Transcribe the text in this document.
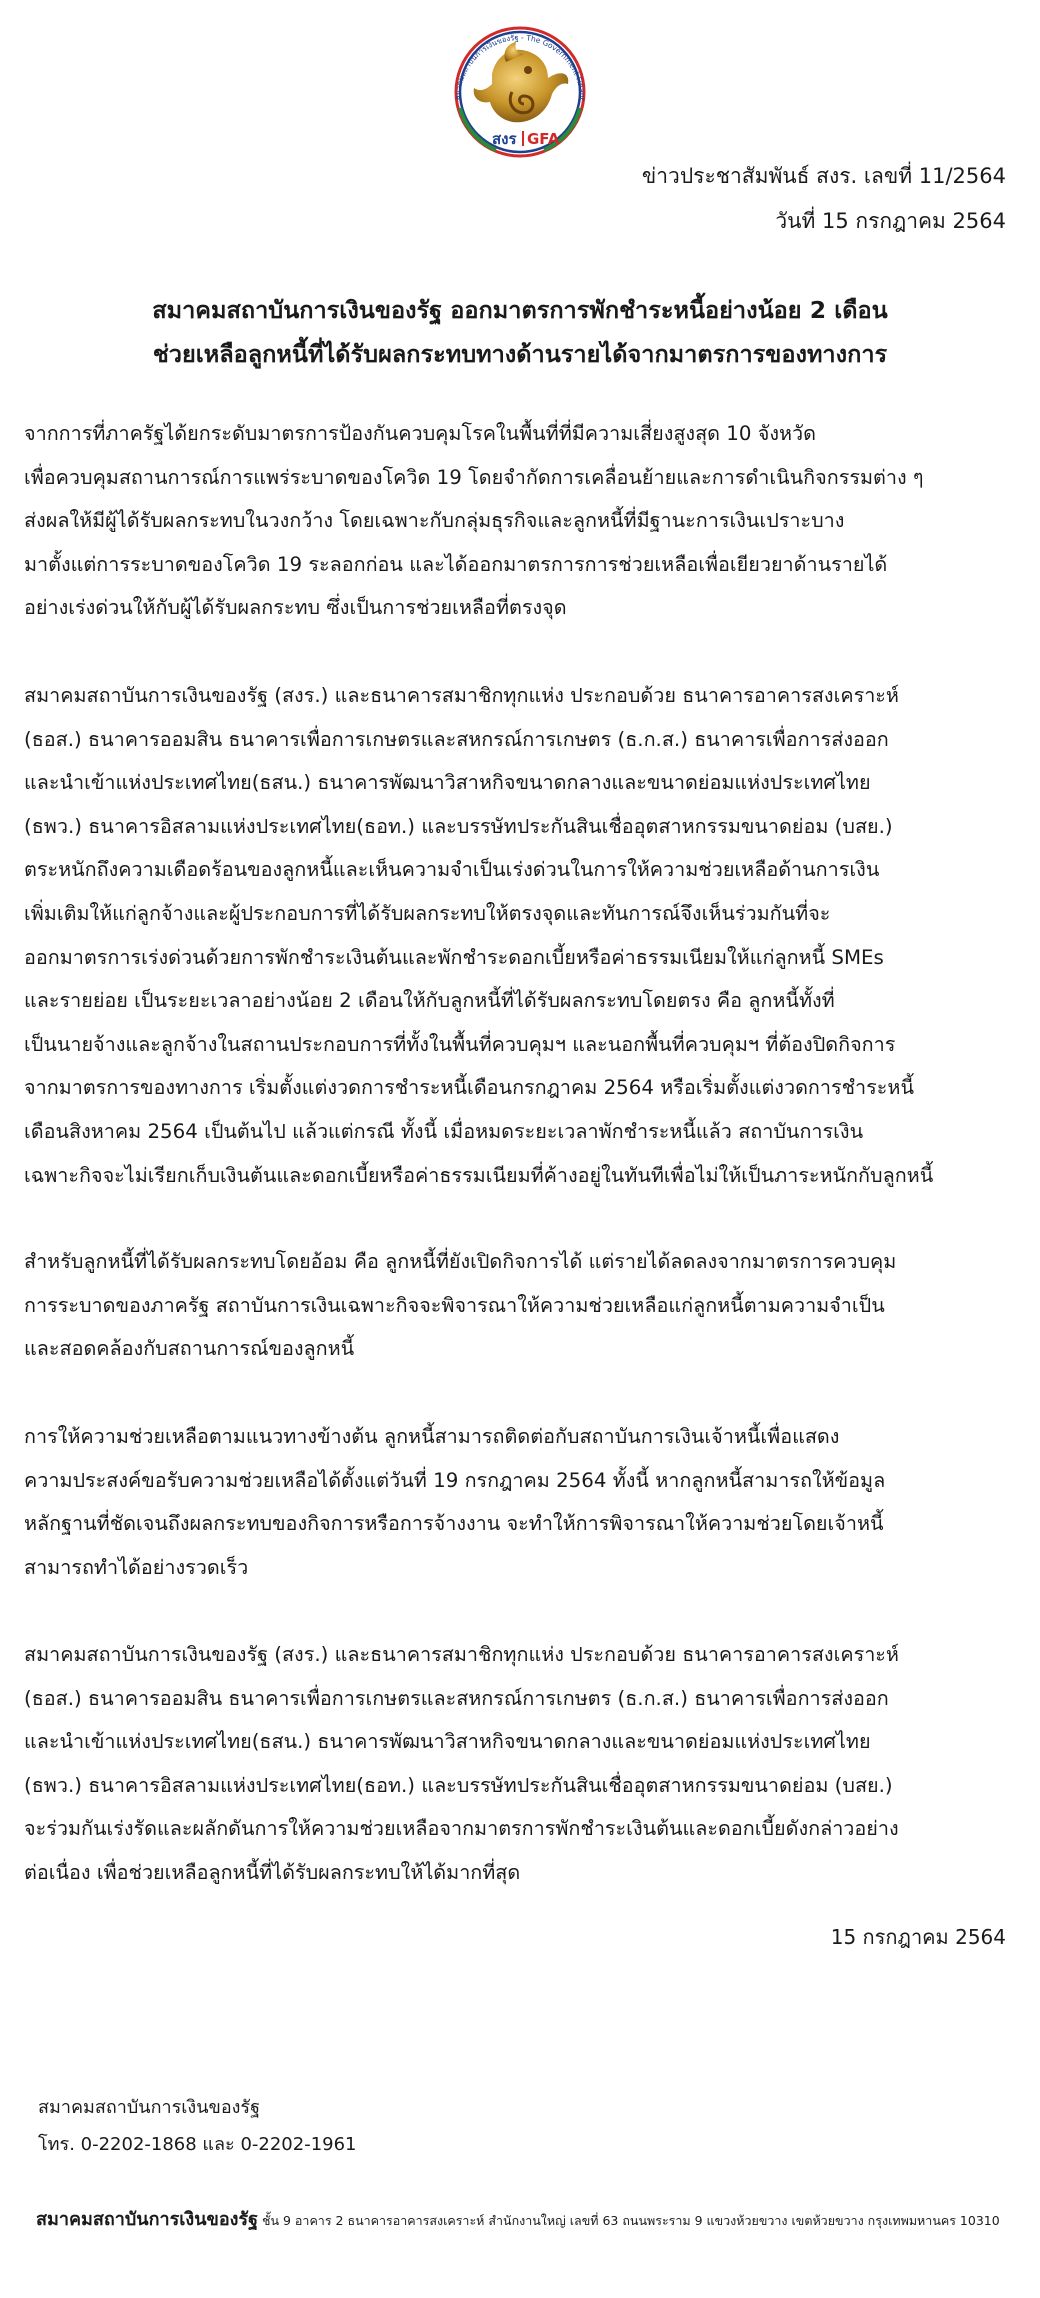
สมาคมสถาบันการเงินของรัฐ - The Government Financ
สงร GFA
ข่าวประชาสัมพันธ์ สงร. เลขที่ 11/2564
วันที่ 15 กรกฎาคม 2564
สมาคมสถาบันการเงินของรัฐ ออกมาตรการพักชำระหนี้อย่างน้อย 2 เดือน
ช่วยเหลือลูกหนี้ที่ได้รับผลกระทบทางด้านรายได้จากมาตรการของทางการ
จากการที่ภาครัฐได้ยกระดับมาตรการป้องกันควบคุมโรคในพื้นที่ที่มีความเสี่ยงสูงสุด 10 จังหวัด
เพื่อควบคุมสถานการณ์การแพร่ระบาดของโควิด 19 โดยจำกัดการเคลื่อนย้ายและการดำเนินกิจกรรมต่าง ๆ
ส่งผลให้มีผู้ได้รับผลกระทบในวงกว้าง โดยเฉพาะกับกลุ่มธุรกิจและลูกหนี้ที่มีฐานะการเงินเปราะบาง
มาตั้งแต่การระบาดของโควิด 19 ระลอกก่อน และได้ออกมาตรการการช่วยเหลือเพื่อเยียวยาด้านรายได้
อย่างเร่งด่วนให้กับผู้ได้รับผลกระทบ ซึ่งเป็นการช่วยเหลือที่ตรงจุด
สมาคมสถาบันการเงินของรัฐ (สงร.) และธนาคารสมาชิกทุกแห่ง ประกอบด้วย ธนาคารอาคารสงเคราะห์
(ธอส.) ธนาคารออมสิน ธนาคารเพื่อการเกษตรและสหกรณ์การเกษตร (ธ.ก.ส.) ธนาคารเพื่อการส่งออก
และนำเข้าแห่งประเทศไทย(ธสน.) ธนาคารพัฒนาวิสาหกิจขนาดกลางและขนาดย่อมแห่งประเทศไทย
(ธพว.) ธนาคารอิสลามแห่งประเทศไทย(ธอท.) และบรรษัทประกันสินเชื่ออุตสาหกรรมขนาดย่อม (บสย.)
ตระหนักถึงความเดือดร้อนของลูกหนี้และเห็นความจำเป็นเร่งด่วนในการให้ความช่วยเหลือด้านการเงิน
เพิ่มเติมให้แก่ลูกจ้างและผู้ประกอบการที่ได้รับผลกระทบให้ตรงจุดและทันการณ์จึงเห็นร่วมกันที่จะ
ออกมาตรการเร่งด่วนด้วยการพักชำระเงินต้นและพักชำระดอกเบี้ยหรือค่าธรรมเนียมให้แก่ลูกหนี้ SMEs
และรายย่อย เป็นระยะเวลาอย่างน้อย 2 เดือนให้กับลูกหนี้ที่ได้รับผลกระทบโดยตรง คือ ลูกหนี้ทั้งที่
เป็นนายจ้างและลูกจ้างในสถานประกอบการที่ทั้งในพื้นที่ควบคุมฯ และนอกพื้นที่ควบคุมฯ ที่ต้องปิดกิจการ
จากมาตรการของทางการ เริ่มตั้งแต่งวดการชำระหนี้เดือนกรกฎาคม 2564 หรือเริ่มตั้งแต่งวดการชำระหนี้
เดือนสิงหาคม 2564 เป็นต้นไป แล้วแต่กรณี ทั้งนี้ เมื่อหมดระยะเวลาพักชำระหนี้แล้ว สถาบันการเงิน
เฉพาะกิจจะไม่เรียกเก็บเงินต้นและดอกเบี้ยหรือค่าธรรมเนียมที่ค้างอยู่ในทันทีเพื่อไม่ให้เป็นภาระหนักกับลูกหนี้
สำหรับลูกหนี้ที่ได้รับผลกระทบโดยอ้อม คือ ลูกหนี้ที่ยังเปิดกิจการได้ แต่รายได้ลดลงจากมาตรการควบคุม
การระบาดของภาครัฐ สถาบันการเงินเฉพาะกิจจะพิจารณาให้ความช่วยเหลือแก่ลูกหนี้ตามความจำเป็น
และสอดคล้องกับสถานการณ์ของลูกหนี้
การให้ความช่วยเหลือตามแนวทางข้างต้น ลูกหนี้สามารถติดต่อกับสถาบันการเงินเจ้าหนี้เพื่อแสดง
ความประสงค์ขอรับความช่วยเหลือได้ตั้งแต่วันที่ 19 กรกฎาคม 2564 ทั้งนี้ หากลูกหนี้สามารถให้ข้อมูล
หลักฐานที่ชัดเจนถึงผลกระทบของกิจการหรือการจ้างงาน จะทำให้การพิจารณาให้ความช่วยโดยเจ้าหนี้
สามารถทำได้อย่างรวดเร็ว
สมาคมสถาบันการเงินของรัฐ (สงร.) และธนาคารสมาชิกทุกแห่ง ประกอบด้วย ธนาคารอาคารสงเคราะห์
(ธอส.) ธนาคารออมสิน ธนาคารเพื่อการเกษตรและสหกรณ์การเกษตร (ธ.ก.ส.) ธนาคารเพื่อการส่งออก
และนำเข้าแห่งประเทศไทย(ธสน.) ธนาคารพัฒนาวิสาหกิจขนาดกลางและขนาดย่อมแห่งประเทศไทย
(ธพว.) ธนาคารอิสลามแห่งประเทศไทย(ธอท.) และบรรษัทประกันสินเชื่ออุตสาหกรรมขนาดย่อม (บสย.)
จะร่วมกันเร่งรัดและผลักดันการให้ความช่วยเหลือจากมาตรการพักชำระเงินต้นและดอกเบี้ยดังกล่าวอย่าง
ต่อเนื่อง เพื่อช่วยเหลือลูกหนี้ที่ได้รับผลกระทบให้ได้มากที่สุด
15 กรกฎาคม 2564
สมาคมสถาบันการเงินของรัฐ
โทร. 0-2202-1868 และ 0-2202-1961
สมาคมสถาบันการเงินของรัฐ ชั้น 9 อาคาร 2 ธนาคารอาคารสงเคราะห์ สำนักงานใหญ่ เลขที่ 63 ถนนพระราม 9 แขวงห้วยขวาง เขตห้วยขวาง กรุงเทพมหานคร 10310
